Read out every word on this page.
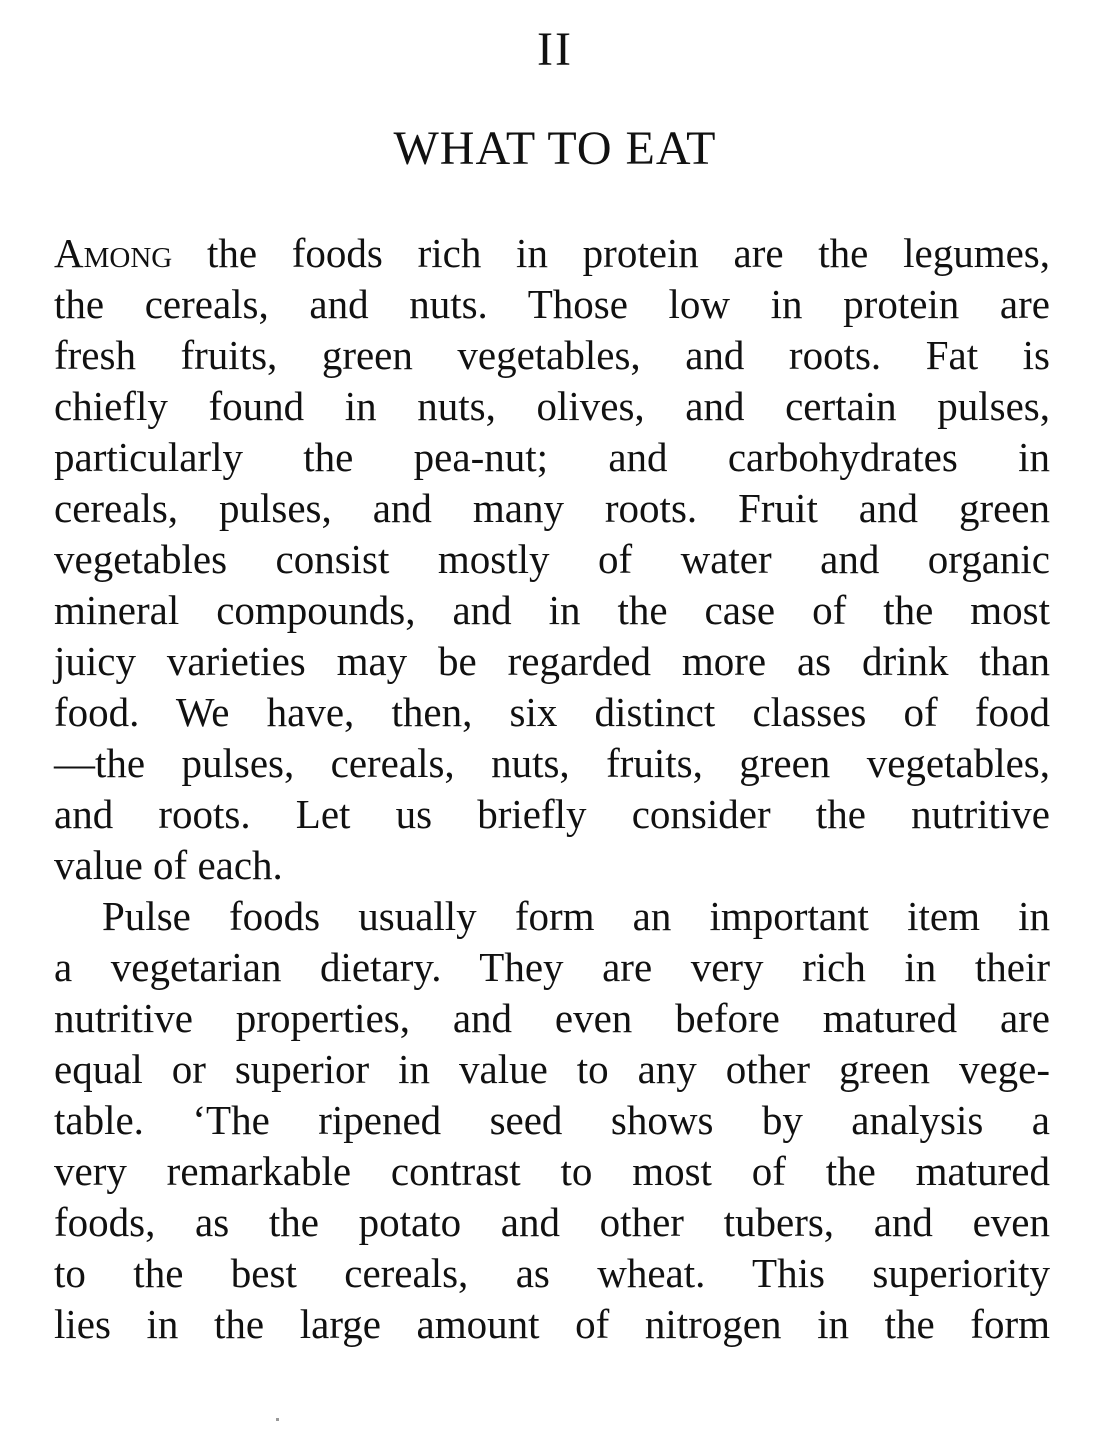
II
WHAT TO EAT
Among the foods rich in protein are the legumes,
the cereals, and nuts. Those low in protein are
fresh fruits, green vegetables, and roots. Fat is
chiefly found in nuts, olives, and certain pulses,
particularly the pea-nut; and carbohydrates in
cereals, pulses, and many roots. Fruit and green
vegetables consist mostly of water and organic
mineral compounds, and in the case of the most
juicy varieties may be regarded more as drink than
food. We have, then, six distinct classes of food
—the pulses, cereals, nuts, fruits, green vegetables,
and roots. Let us briefly consider the nutritive
value of each.
Pulse foods usually form an important item in
a vegetarian dietary. They are very rich in their
nutritive properties, and even before matured are
equal or superior in value to any other green vege-
table. ‘The ripened seed shows by analysis a
very remarkable contrast to most of the matured
foods, as the potato and other tubers, and even
to the best cereals, as wheat. This superiority
lies in the large amount of nitrogen in the form
